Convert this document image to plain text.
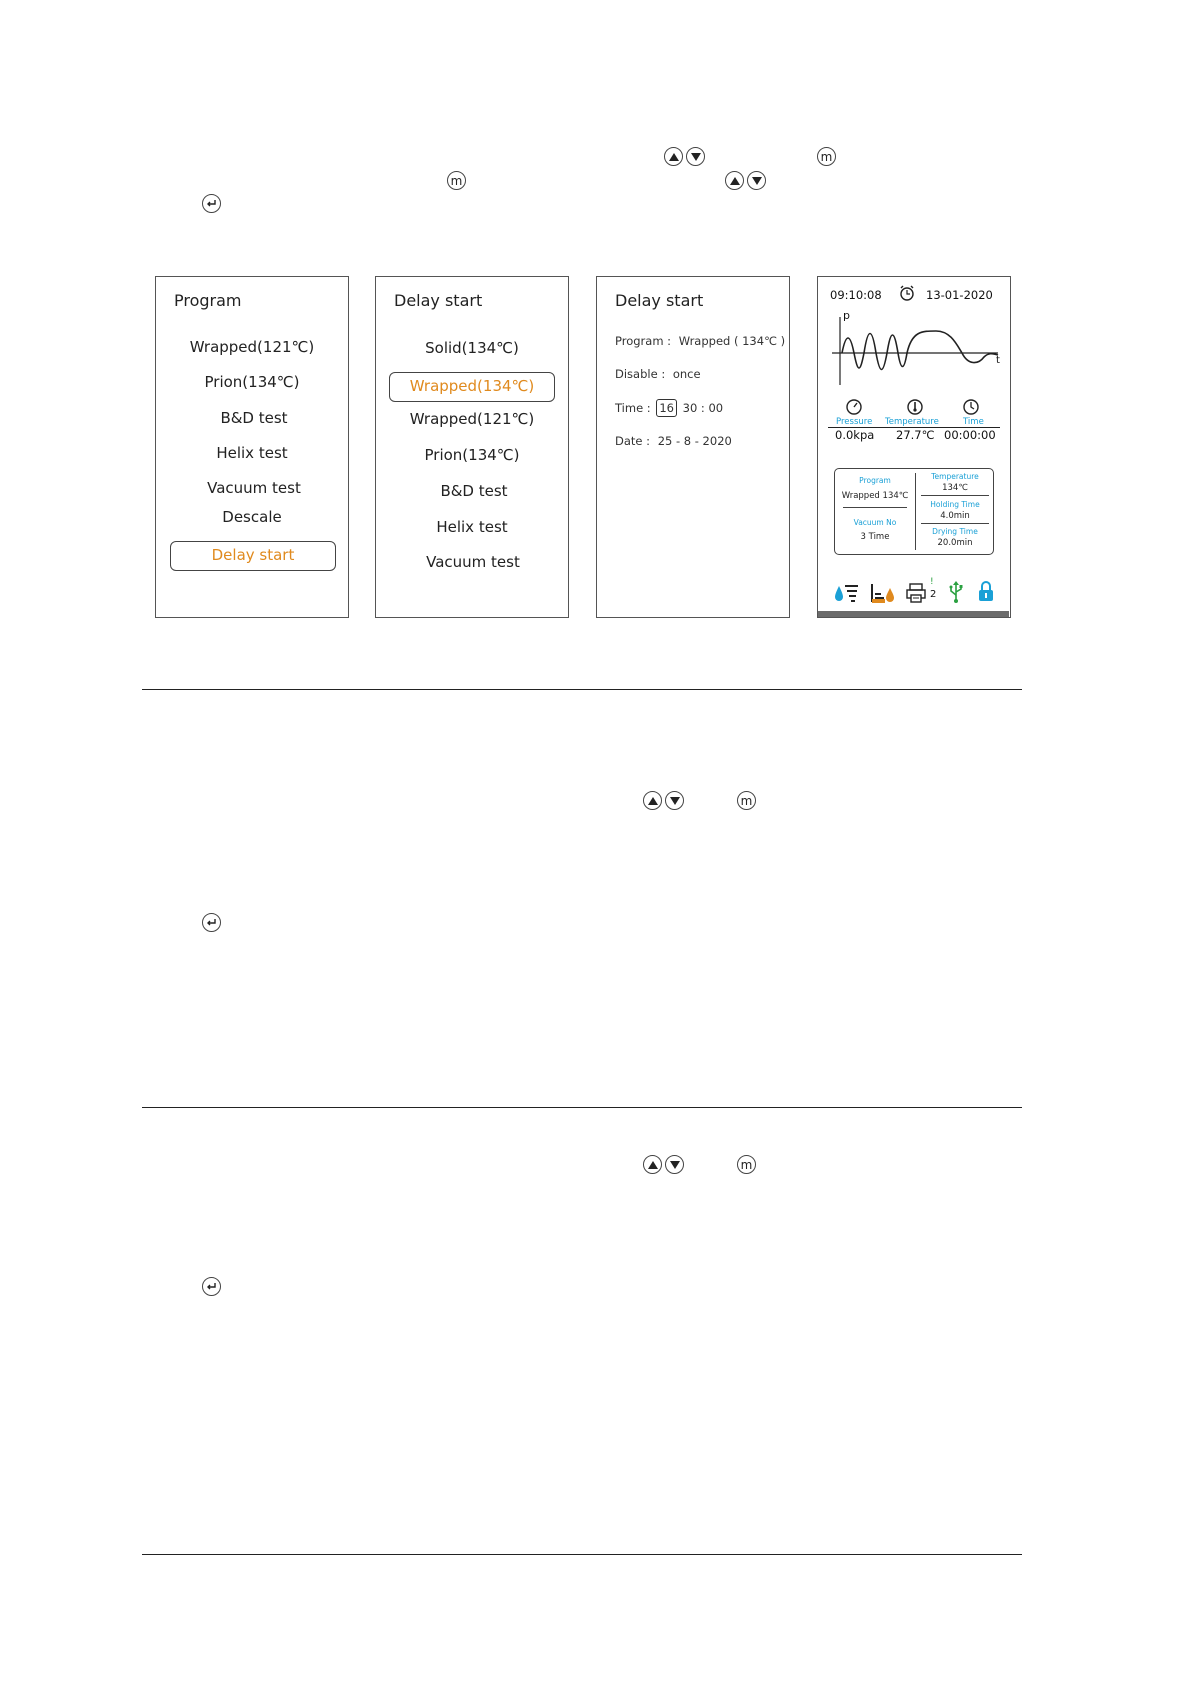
m
m
Program
Wrapped(121℃)
Prion(134℃)
B&D test
Helix test
Vacuum test
Descale
Delay start
Delay start
Solid(134℃)
Wrapped(134℃)
Wrapped(121℃)
Prion(134℃)
B&D test
Helix test
Vacuum test
Delay start
Program : Wrapped ( 134℃ )
Disable : once
Time : 16 30 : 00
Date : 25 - 8 - 2020
09:10:08	13-01-2020
p
t
Pressure Temperature	Time
0.0kpa 27.7℃ 00:00:00
Program
Wrapped 134℃
Vacuum No
3 Time
Temperature
134℃
Holding Time
4.0min
Drying Time
20.0min
!
2
m
m
